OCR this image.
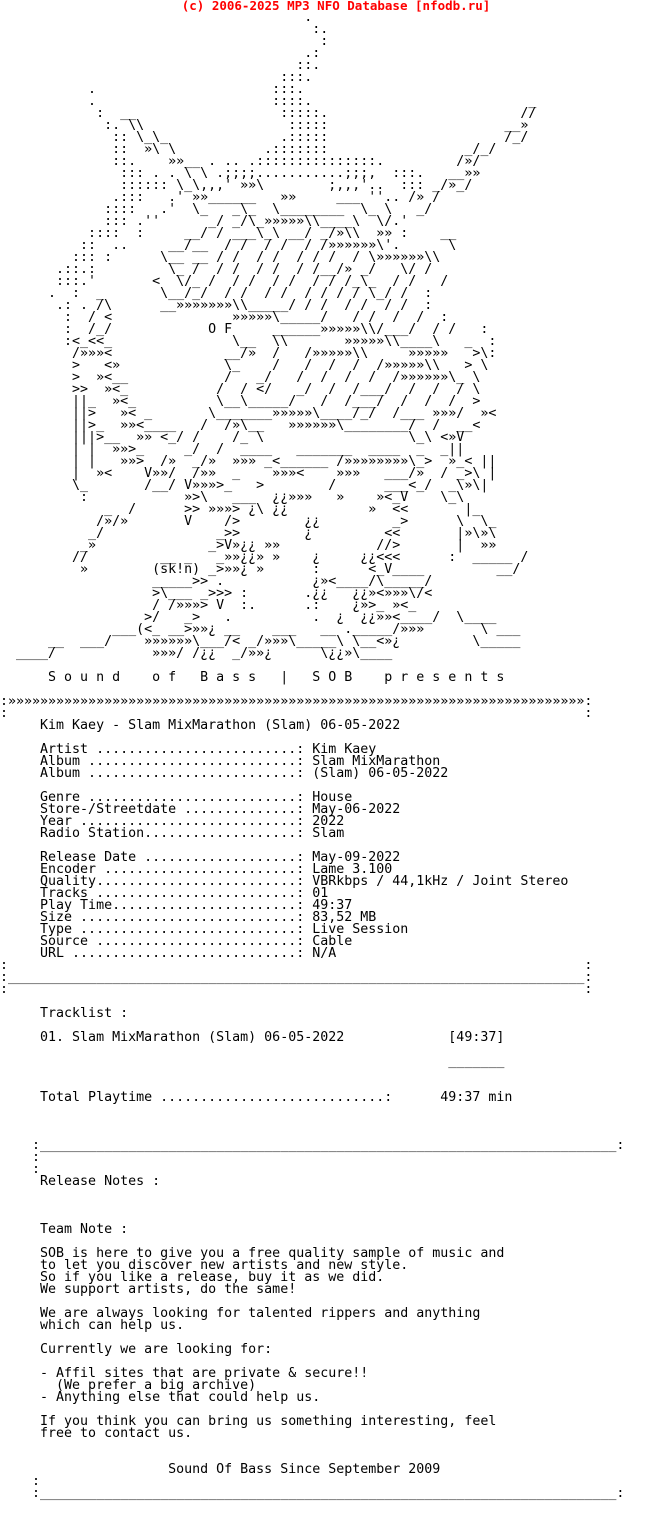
(c) 2006-2025 MP3 NFO Database [nfodb.ru]
.
:.
:
.:
::.
:::.
.                      :::.
.                      ::::.                           _
:  __                  :::::.                        //
:. \\                  :::::                      __»
:: \_\_              .:::::                      /_/
::  »\ \           .:::::::                 _/_/
::.    »»__ . .. .:::::::::::::::.         /»/
::: . . \ \ .;;;;...........;;;,  :::.   __»»
:::::: \_\,,,' »»\        ;,,,'..  ::: _/»_/
.:::   .' »»______   »»     ___ ''.. /» /
::::   .'  \_   _\_  \________  \_ \   _/
::: .''      _/ _/\_»»»»»\\____\  \/.'
::::  :     __/ / ___\_\ __/ _/»\\  »» :    __
::  ..     __/__  / /  / /  / /»»»»»»\'.      \
::: :      \__ __ / /  / /  / / /  / \»»»»»»\\
.::.:         \_ /  / /  / /  / /__/» _/   \/ /
:::.'       <  \/_ /  / /  / /  / / /_\_  / /   /
.  :  _       \__/_/  / /  / /  / / / / \_/ /  :
.: . /\      __»»»»»»»\\_____/ / /  / /  / /  :
:  / <               »»»»»\_____/   / /  /  /  :
:  /_/            O F     ______»»»»»\\/___/  / /   :
:<_<<_               \__  \\       »»»»»\\____\   _  :
/»»»<              __/»  /   /»»»»»\\     »»»»»   >\:
>   <»             \_    /   /  /  /  /»»»»»\\   > \
>  »<__            /   _/   /  /  /  /  /»»»»»»\_ \
>>  »<_           /  / </   _/  /  /___/  /  /  / \
||_  »<_          \__\_____/   /  /___/  /  /  /  >
||>   »< _       \_______»»»»»\____/_/  /___ »»»/  »<
||>_  »»<____   /  /»\__   »»»»»»\________/  /  __<
|||>__  »» <_/ /    /_ \                  \_\ <»V
| |  »»>_     _/  /  ____   _______  ____  _  _||
| |   »»>  /»  _/»  »»» _<______ /»»»»»»»»\_>  »_< ||
|  »<    V»»/  /»»  _    »»»<    »»»   ___/»  / _>\ |
\_       /__/ V»»»>_   >        /      ___<_/  _\»\|
:            »>\   ___  ¿¿»»»   »    »<_V    \_\
_  /      >> »»»> ¿\ ¿¿          »  <<       |_
/»/»       V    />        ¿¿         _>      \  \_
_/              _>>        ¿         <<       |»\»\
_»              _>V»¿¿ »»            //>       |  »»
//         __ _   _»»¿¿» »    ¿     ¿¿<<<      :  _____ /
»        (sk!n) _>»»¿ »      :      <_V____         __/
_____>> .           ¿»<____/\_____/
>\___ _>>> :       .¿¿   ¿¿»<»»»\/<
/ /»»»> V  :.      .:    ¿»>_ »<_
>/   _>   .          .  ¿  ¿¿»»<____/  \____
___(<_ __>»»¿ __    ___   __ ._____/»»»       \ ___
__  ___/    »»»»»»\___/< _/»»»\_____\ \__<»¿         \_____
____/            »»»/ /¿¿  _/»»¿      \¿¿»\____

S o u n d    o f   B a s s   |   S O B    p r e s e n t s

:»»»»»»»»»»»»»»»»»»»»»»»»»»»»»»»»»»»»»»»»»»»»»»»»»»»»»»»»»»»»»»»»»»»»»»»»:
:                                                                        :
Kim Kaey - Slam MixMarathon (Slam) 06-05-2022

Artist .........................: Kim Kaey
Album ..........................: Slam MixMarathon
Album ..........................: (Slam) 06-05-2022

Genre ..........................: House
Store-/Streetdate ..............: May-06-2022
Year ...........................: 2022
Radio Station...................: Slam

Release Date ...................: May-09-2022
Encoder ........................: Lame 3.100
Quality.........................: VBRkbps / 44,1kHz / Joint Stereo
Tracks .........................: 01
Play Time.......................: 49:37
Size ...........................: 83,52 MB
Type ...........................: Live Session
Source .........................: Cable
URL ............................: N/A
:                                                                        :
:________________________________________________________________________:
:                                                                        :

Tracklist :

01. Slam MixMarathon (Slam) 06-05-2022             [49:37]

_______

Total Playtime ............................:      49:37 min

:________________________________________________________________________:
:
:
Release Notes :

Team Note :

SOB is here to give you a free quality sample of music and
to let you discover new artists and new style.
So if you like a release, buy it as we did.
We support artists, do the same!

We are always looking for talented rippers and anything
which can help us.

Currently we are looking for:

- Affil sites that are private & secure!!
(We prefer a big archive)
- Anything else that could help us.

If you think you can bring us something interesting, feel
free to contact us.

Sound Of Bass Since September 2009
:
:________________________________________________________________________:
